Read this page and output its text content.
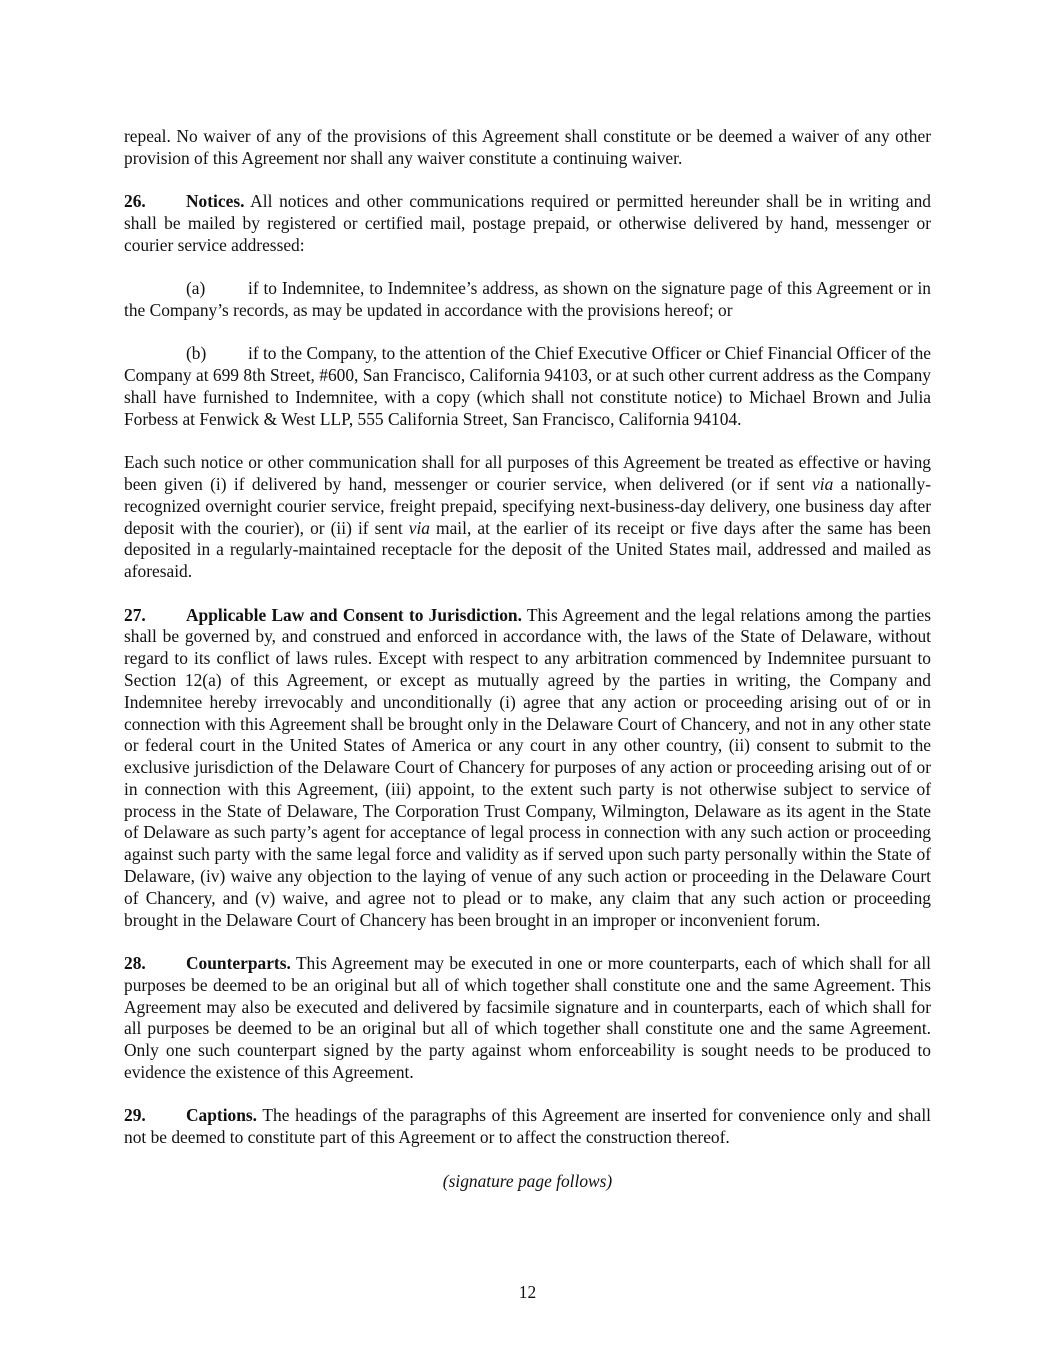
repeal. No waiver of any of the provisions of this Agreement shall constitute or be deemed a waiver of any other provision of this Agreement nor shall any waiver constitute a continuing waiver.

26. Notices. All notices and other communications required or permitted hereunder shall be in writing and shall be mailed by registered or certified mail, postage prepaid, or otherwise delivered by hand, messenger or courier service addressed:

(a) if to Indemnitee, to Indemnitee’s address, as shown on the signature page of this Agreement or in the Company’s records, as may be updated in accordance with the provisions hereof; or

(b) if to the Company, to the attention of the Chief Executive Officer or Chief Financial Officer of the Company at 699 8th Street, #600, San Francisco, California 94103, or at such other current address as the Company shall have furnished to Indemnitee, with a copy (which shall not constitute notice) to Michael Brown and Julia Forbess at Fenwick & West LLP, 555 California Street, San Francisco, California 94104.

Each such notice or other communication shall for all purposes of this Agreement be treated as effective or having been given (i) if delivered by hand, messenger or courier service, when delivered (or if sent via a nationally-recognized overnight courier service, freight prepaid, specifying next-business-day delivery, one business day after deposit with the courier), or (ii) if sent via mail, at the earlier of its receipt or five days after the same has been deposited in a regularly-maintained receptacle for the deposit of the United States mail, addressed and mailed as aforesaid.

27. Applicable Law and Consent to Jurisdiction. This Agreement and the legal relations among the parties shall be governed by, and construed and enforced in accordance with, the laws of the State of Delaware, without regard to its conflict of laws rules. Except with respect to any arbitration commenced by Indemnitee pursuant to Section 12(a) of this Agreement, or except as mutually agreed by the parties in writing, the Company and Indemnitee hereby irrevocably and unconditionally (i) agree that any action or proceeding arising out of or in connection with this Agreement shall be brought only in the Delaware Court of Chancery, and not in any other state or federal court in the United States of America or any court in any other country, (ii) consent to submit to the exclusive jurisdiction of the Delaware Court of Chancery for purposes of any action or proceeding arising out of or in connection with this Agreement, (iii) appoint, to the extent such party is not otherwise subject to service of process in the State of Delaware, The Corporation Trust Company, Wilmington, Delaware as its agent in the State of Delaware as such party’s agent for acceptance of legal process in connection with any such action or proceeding against such party with the same legal force and validity as if served upon such party personally within the State of Delaware, (iv) waive any objection to the laying of venue of any such action or proceeding in the Delaware Court of Chancery, and (v) waive, and agree not to plead or to make, any claim that any such action or proceeding brought in the Delaware Court of Chancery has been brought in an improper or inconvenient forum.

28. Counterparts. This Agreement may be executed in one or more counterparts, each of which shall for all purposes be deemed to be an original but all of which together shall constitute one and the same Agreement. This Agreement may also be executed and delivered by facsimile signature and in counterparts, each of which shall for all purposes be deemed to be an original but all of which together shall constitute one and the same Agreement. Only one such counterpart signed by the party against whom enforceability is sought needs to be produced to evidence the existence of this Agreement.

29. Captions. The headings of the paragraphs of this Agreement are inserted for convenience only and shall not be deemed to constitute part of this Agreement or to affect the construction thereof.

(signature page follows)

12
